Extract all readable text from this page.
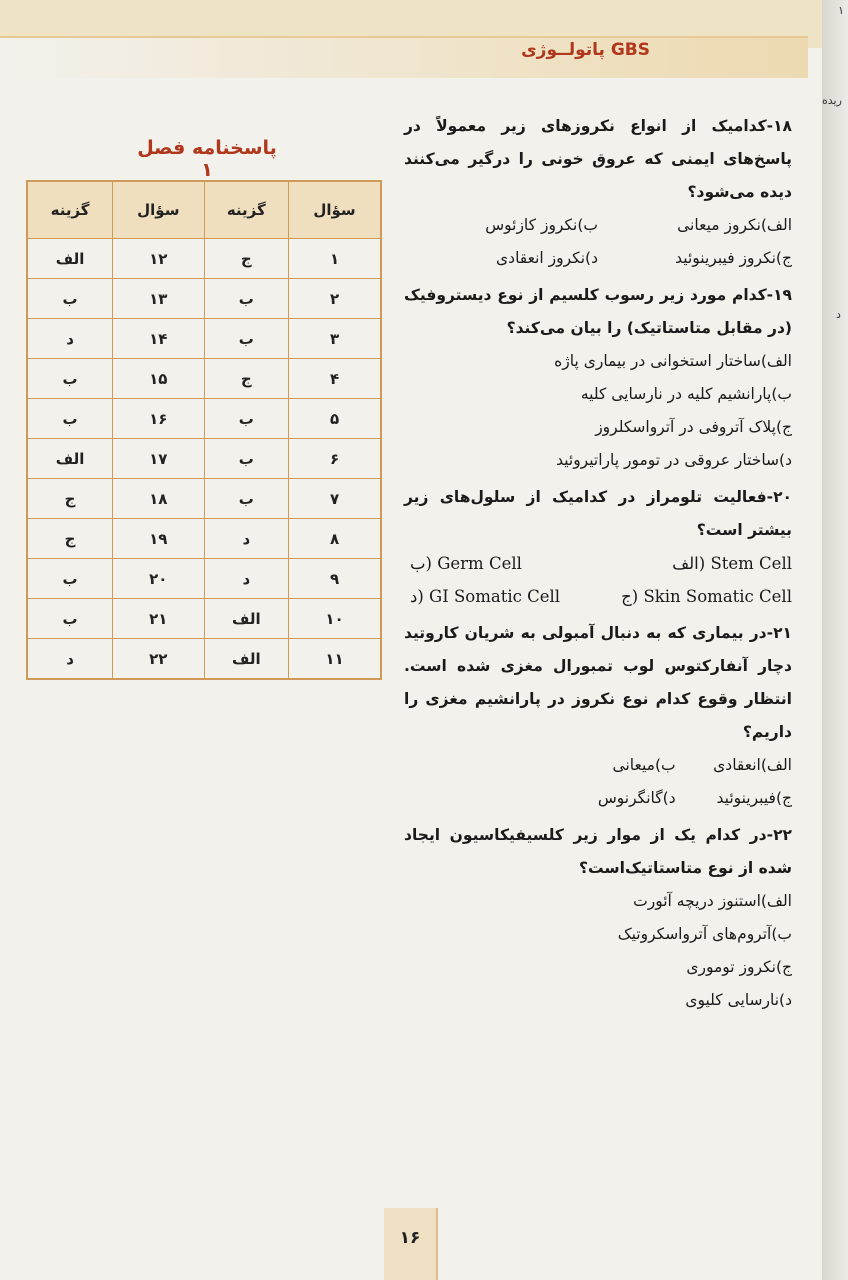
GBS پاتولــوژی
۱
ریده
د
۱۸-کدامیک از انواع نکروزهای زیر معمولاً در پاسخ‌های ایمنی که عروق خونی را درگیر می‌کنند دیده می‌شود؟
الف)نکروز میعانی
ب)نکروز کازئوس
ج)نکروز فیبرینوئید
د)نکروز انعقادی
۱۹-کدام مورد زیر رسوب کلسیم از نوع دیستروفیک (در مقابل متاستاتیک) را بیان می‌کند؟
الف)ساختار استخوانی در بیماری پاژه
ب)پارانشیم کلیه در نارسایی کلیه
ج)پلاک آتروفی در آترواسکلروز
د)ساختار عروقی در تومور پاراتیروئید
۲۰-فعالیت تلومراز در کدامیک از سلول‌های زیر بیشتر است؟
الف) Stem Cell
ب) Germ Cell
ج) Skin Somatic Cell
د) GI Somatic Cell
۲۱-در بیماری که به دنبال آمبولی به شریان کاروتید دچار آنفارکتوس لوب تمبورال مغزی شده است. انتظار وقوع کدام نوع نکروز در پارانشیم مغزی را داریم؟
الف)انعقادی
ب)میعانی
ج)فیبرینوئید
د)گانگرنوس
۲۲-در کدام یک از موار زیر کلسیفیکاسیون ایجاد شده از نوع متاستاتیک‌است؟
الف)استنوز دریچه آئورت
ب)آتروم‌های آترواسکروتیک
ج)نکروز توموری
د)نارسایی کلیوی
پاسخنامه فصل ۱
سؤال	گزینه	سؤال	گزینه
۱	ج	۱۲	الف
۲	ب	۱۳	ب
۳	ب	۱۴	د
۴	ج	۱۵	ب
۵	ب	۱۶	ب
۶	ب	۱۷	الف
۷	ب	۱۸	ج
۸	د	۱۹	ج
۹	د	۲۰	ب
۱۰	الف	۲۱	ب
۱۱	الف	۲۲	د
۱۶
